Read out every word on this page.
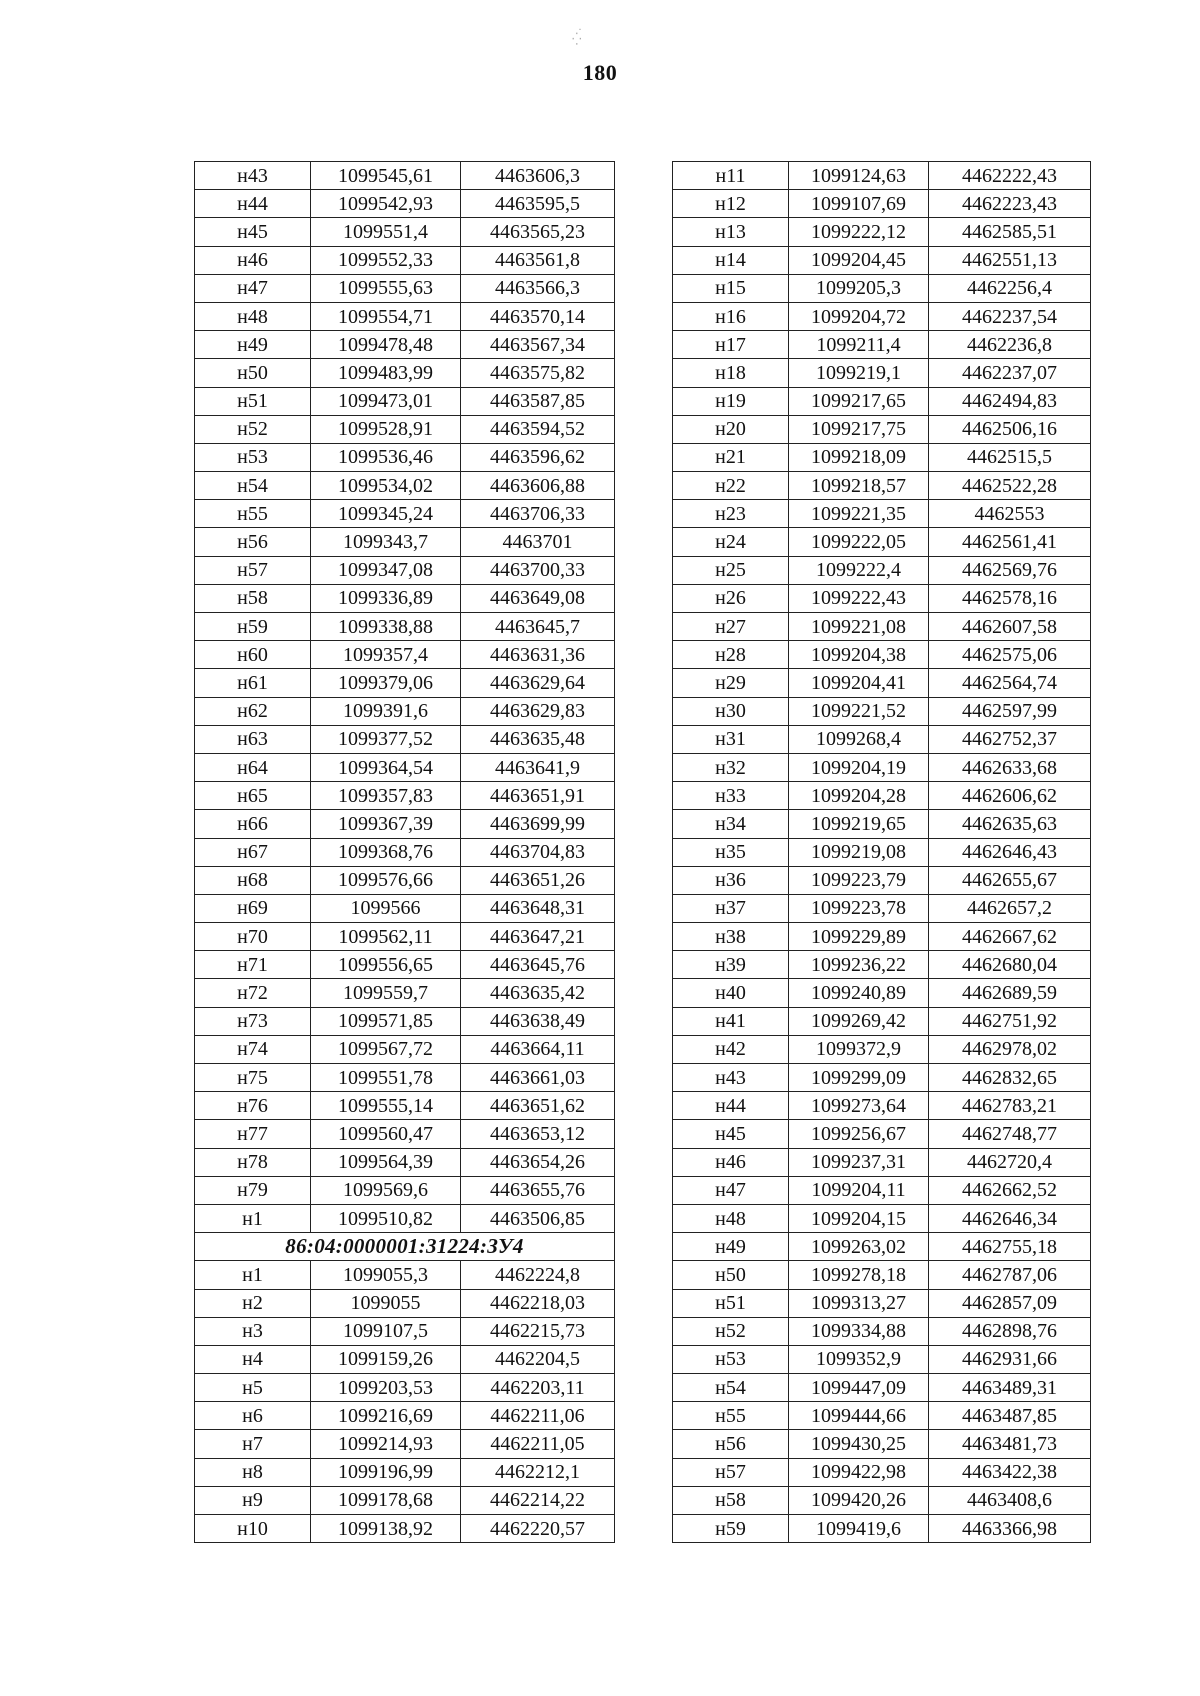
·
⁛
180
н43	1099545,61	4463606,3
н44	1099542,93	4463595,5
н45	1099551,4	4463565,23
н46	1099552,33	4463561,8
н47	1099555,63	4463566,3
н48	1099554,71	4463570,14
н49	1099478,48	4463567,34
н50	1099483,99	4463575,82
н51	1099473,01	4463587,85
н52	1099528,91	4463594,52
н53	1099536,46	4463596,62
н54	1099534,02	4463606,88
н55	1099345,24	4463706,33
н56	1099343,7	4463701
н57	1099347,08	4463700,33
н58	1099336,89	4463649,08
н59	1099338,88	4463645,7
н60	1099357,4	4463631,36
н61	1099379,06	4463629,64
н62	1099391,6	4463629,83
н63	1099377,52	4463635,48
н64	1099364,54	4463641,9
н65	1099357,83	4463651,91
н66	1099367,39	4463699,99
н67	1099368,76	4463704,83
н68	1099576,66	4463651,26
н69	1099566	4463648,31
н70	1099562,11	4463647,21
н71	1099556,65	4463645,76
н72	1099559,7	4463635,42
н73	1099571,85	4463638,49
н74	1099567,72	4463664,11
н75	1099551,78	4463661,03
н76	1099555,14	4463651,62
н77	1099560,47	4463653,12
н78	1099564,39	4463654,26
н79	1099569,6	4463655,76
н1	1099510,82	4463506,85
86:04:0000001:31224:ЗУ4		
н1	1099055,3	4462224,8
н2	1099055	4462218,03
н3	1099107,5	4462215,73
н4	1099159,26	4462204,5
н5	1099203,53	4462203,11
н6	1099216,69	4462211,06
н7	1099214,93	4462211,05
н8	1099196,99	4462212,1
н9	1099178,68	4462214,22
н10	1099138,92	4462220,57
н11	1099124,63	4462222,43
н12	1099107,69	4462223,43
н13	1099222,12	4462585,51
н14	1099204,45	4462551,13
н15	1099205,3	4462256,4
н16	1099204,72	4462237,54
н17	1099211,4	4462236,8
н18	1099219,1	4462237,07
н19	1099217,65	4462494,83
н20	1099217,75	4462506,16
н21	1099218,09	4462515,5
н22	1099218,57	4462522,28
н23	1099221,35	4462553
н24	1099222,05	4462561,41
н25	1099222,4	4462569,76
н26	1099222,43	4462578,16
н27	1099221,08	4462607,58
н28	1099204,38	4462575,06
н29	1099204,41	4462564,74
н30	1099221,52	4462597,99
н31	1099268,4	4462752,37
н32	1099204,19	4462633,68
н33	1099204,28	4462606,62
н34	1099219,65	4462635,63
н35	1099219,08	4462646,43
н36	1099223,79	4462655,67
н37	1099223,78	4462657,2
н38	1099229,89	4462667,62
н39	1099236,22	4462680,04
н40	1099240,89	4462689,59
н41	1099269,42	4462751,92
н42	1099372,9	4462978,02
н43	1099299,09	4462832,65
н44	1099273,64	4462783,21
н45	1099256,67	4462748,77
н46	1099237,31	4462720,4
н47	1099204,11	4462662,52
н48	1099204,15	4462646,34
н49	1099263,02	4462755,18
н50	1099278,18	4462787,06
н51	1099313,27	4462857,09
н52	1099334,88	4462898,76
н53	1099352,9	4462931,66
н54	1099447,09	4463489,31
н55	1099444,66	4463487,85
н56	1099430,25	4463481,73
н57	1099422,98	4463422,38
н58	1099420,26	4463408,6
н59	1099419,6	4463366,98
